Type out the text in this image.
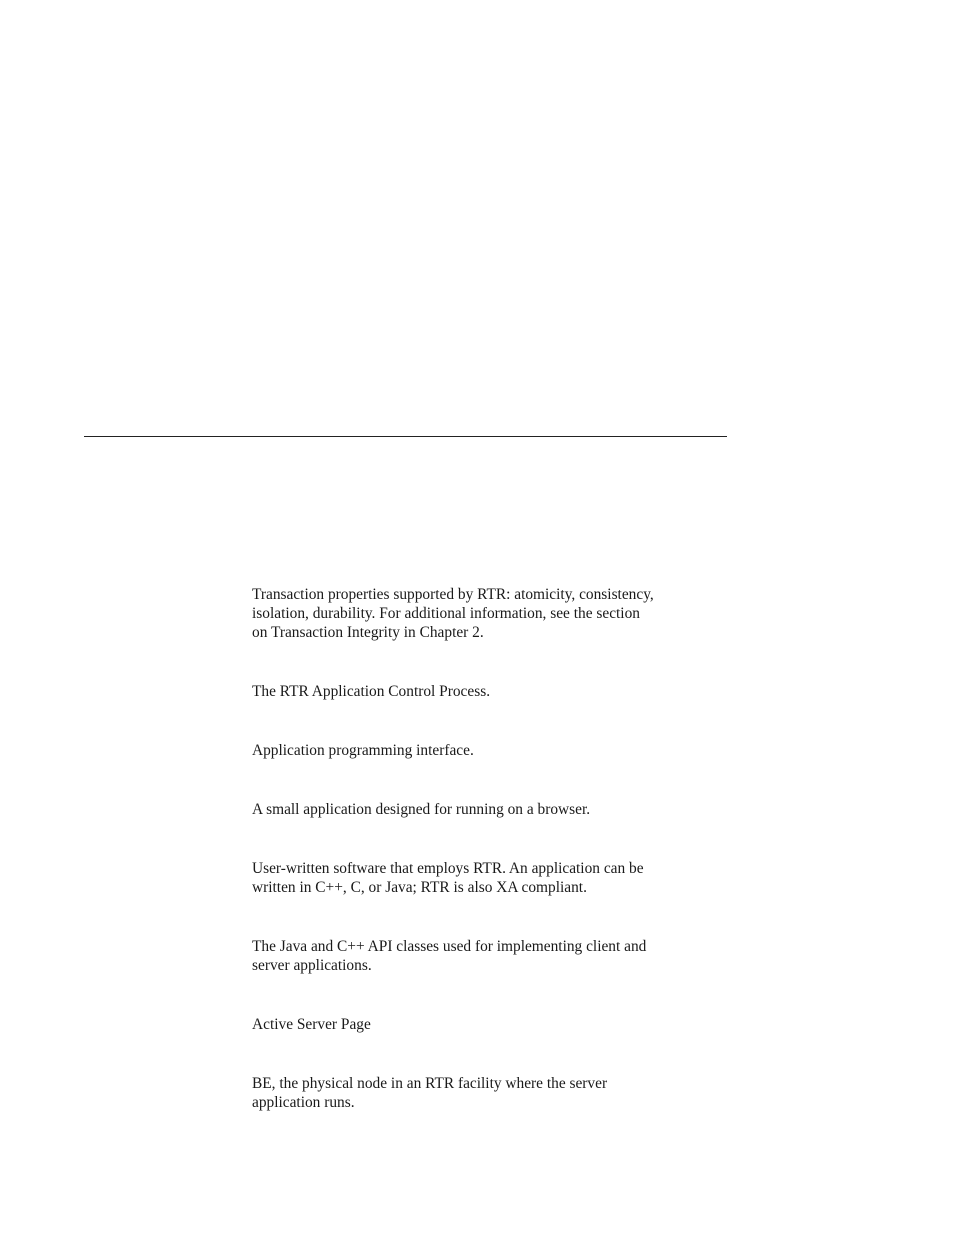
Transaction properties supported by RTR: atomicity, consistency,
isolation, durability. For additional information, see the section
on Transaction Integrity in Chapter 2.
The RTR Application Control Process.
Application programming interface.
A small application designed for running on a browser.
User-written software that employs RTR. An application can be
written in C++, C, or Java; RTR is also XA compliant.
The Java and C++ API classes used for implementing client and
server applications.
Active Server Page
BE, the physical node in an RTR facility where the server
application runs.
